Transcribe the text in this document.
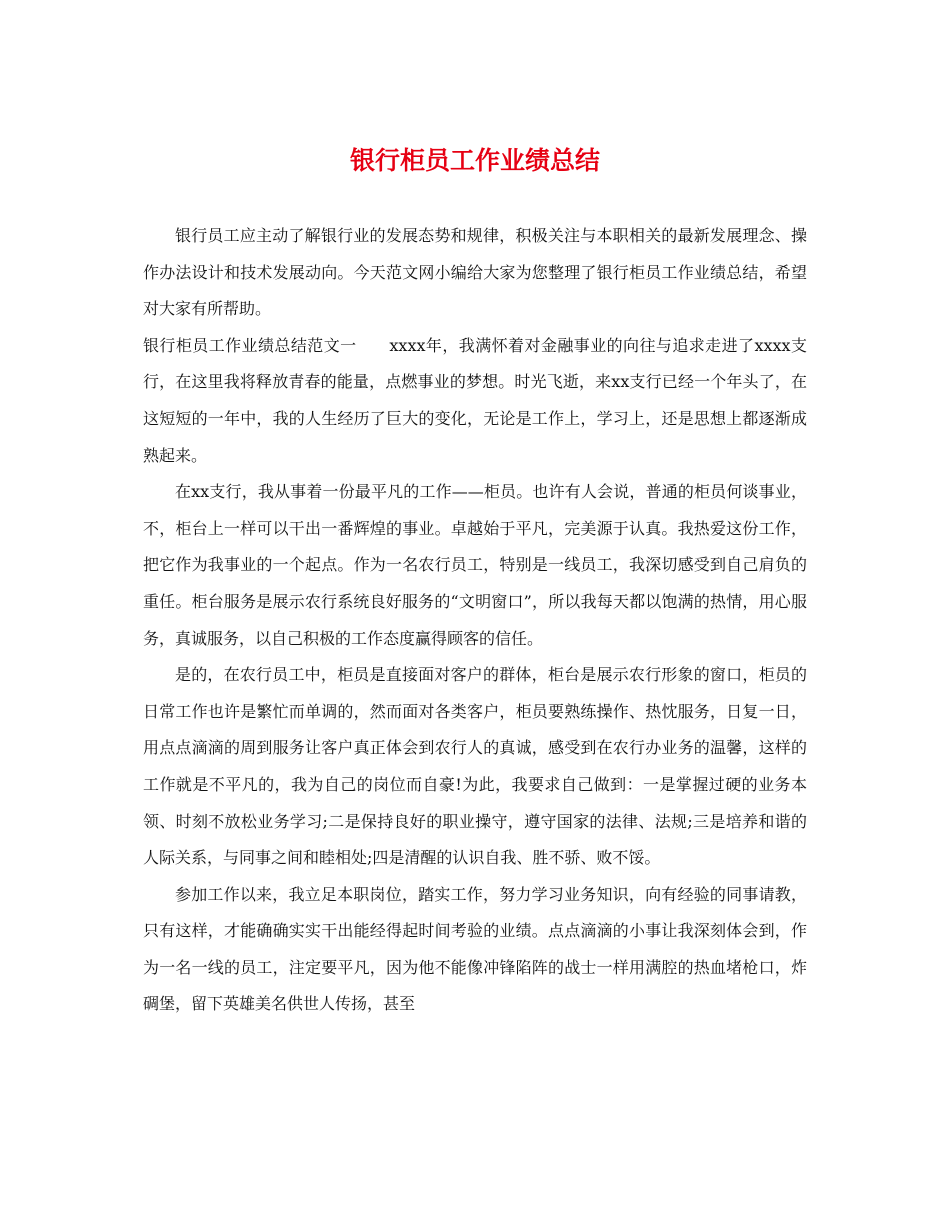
银行柜员工作业绩总结

银行员工应主动了解银行业的发展态势和规律，积极关注与本职相关的最新发展理念、操作办法设计和技术发展动向。今天范文网小编给大家为您整理了银行柜员工作业绩总结，希望对大家有所帮助。

银行柜员工作业绩总结范文一　　xxxx年，我满怀着对金融事业的向往与追求走进了xxxx支行，在这里我将释放青春的能量，点燃事业的梦想。时光飞逝，来xx支行已经一个年头了，在这短短的一年中，我的人生经历了巨大的变化，无论是工作上，学习上，还是思想上都逐渐成熟起来。

在xx支行，我从事着一份最平凡的工作——柜员。也许有人会说，普通的柜员何谈事业，不，柜台上一样可以干出一番辉煌的事业。卓越始于平凡，完美源于认真。我热爱这份工作，把它作为我事业的一个起点。作为一名农行员工，特别是一线员工，我深切感受到自己肩负的重任。柜台服务是展示农行系统良好服务的“文明窗口”，所以我每天都以饱满的热情，用心服务，真诚服务，以自己积极的工作态度赢得顾客的信任。

是的，在农行员工中，柜员是直接面对客户的群体，柜台是展示农行形象的窗口，柜员的日常工作也许是繁忙而单调的，然而面对各类客户，柜员要熟练操作、热忱服务，日复一日，用点点滴滴的周到服务让客户真正体会到农行人的真诚，感受到在农行办业务的温馨，这样的工作就是不平凡的，我为自己的岗位而自豪!为此，我要求自己做到：一是掌握过硬的业务本领、时刻不放松业务学习;二是保持良好的职业操守，遵守国家的法律、法规;三是培养和谐的人际关系，与同事之间和睦相处;四是清醒的认识自我、胜不骄、败不馁。

参加工作以来，我立足本职岗位，踏实工作，努力学习业务知识，向有经验的同事请教，只有这样，才能确确实实干出能经得起时间考验的业绩。点点滴滴的小事让我深刻体会到，作为一名一线的员工，注定要平凡，因为他不能像冲锋陷阵的战士一样用满腔的热血堵枪口，炸碉堡，留下英雄美名供世人传扬，甚至
